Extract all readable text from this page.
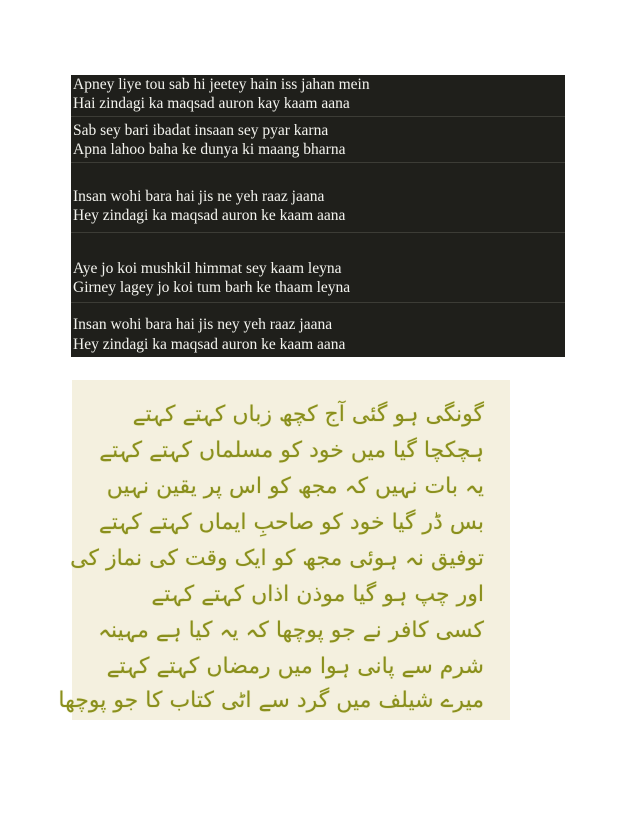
Apney liye tou sab hi jeetey hain iss jahan mein
Hai zindagi ka maqsad auron kay kaam aana
Sab sey bari ibadat insaan sey pyar karna
Apna lahoo baha ke dunya ki maang bharna
Insan wohi bara hai jis ne yeh raaz jaana
Hey zindagi ka maqsad auron ke kaam aana
Aye jo koi mushkil himmat sey kaam leyna
Girney lagey jo koi tum barh ke thaam leyna
Insan wohi bara hai jis ney yeh raaz jaana
Hey zindagi ka maqsad auron ke kaam aana
گونگی ہو گئی آج کچھ زباں کہتے کہتے
ہچکچا گیا میں خود کو مسلماں کہتے کہتے
یہ بات نہیں کہ مجھ کو اس پر یقین نہیں
بس ڈر گیا خود کو صاحبِ ایماں کہتے کہتے
توفیق نہ ہوئی مجھ کو ایک وقت کی نماز کی
اور چپ ہو گیا موذن اذاں کہتے کہتے
کسی کافر نے جو پوچھا کہ یہ کیا ہے مہینہ
شرم سے پانی ہوا میں رمضاں کہتے کہتے
میرے شیلف میں گرد سے اٹی کتاب کا جو پوچھا
